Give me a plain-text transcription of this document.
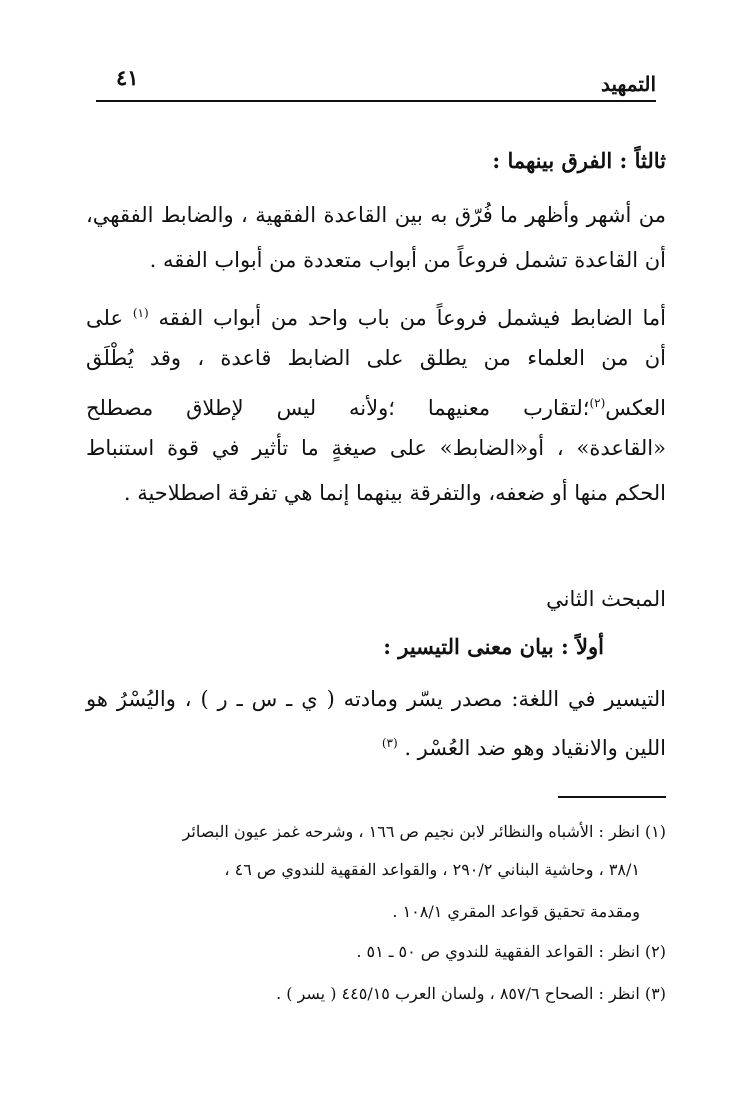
التمهيد
٤١
ثالثاً : الفرق بينهما :
من أشهر وأظهر ما فُرّق به بين القاعدة الفقهية ، والضابط الفقهي،
أن القاعدة تشمل فروعاً من أبواب متعددة من أبواب الفقه .
أما الضابط فيشمل فروعاً من باب واحد من أبواب الفقه $^{(١)}$ على
أن من العلماء من يطلق على الضابط قاعدة ، وقد يُطْلَق
العكس$^{(٢)}$؛لتقارب معنيهما ؛ولأنه ليس لإطلاق مصطلح
«القاعدة» ، أو«الضابط» على صيغةٍ ما تأثير في قوة استنباط
الحكم منها أو ضعفه، والتفرقة بينهما إنما هي تفرقة اصطلاحية .
المبحث الثاني
أولاً : بيان معنى التيسير :
التيسير في اللغة: مصدر يسّر ومادته ( ي ـ س ـ ر ) ، واليُسْرُ هو
اللين والانقياد وهو ضد العُسْر . $^{(٣)}$
(١) انظر : الأشباه والنظائر لابن نجيم ص ١٦٦ ، وشرحه غمز عيون البصائر
٣٨/١ ، وحاشية البناني ٢٩٠/٢ ، والقواعد الفقهية للندوي ص ٤٦ ،
ومقدمة تحقيق قواعد المقري ١٠٨/١ .
(٢) انظر : القواعد الفقهية للندوي ص ٥٠ ـ ٥١ .
(٣) انظر : الصحاح ٨٥٧/٦ ، ولسان العرب ٤٤٥/١٥ ( يسر ) .
